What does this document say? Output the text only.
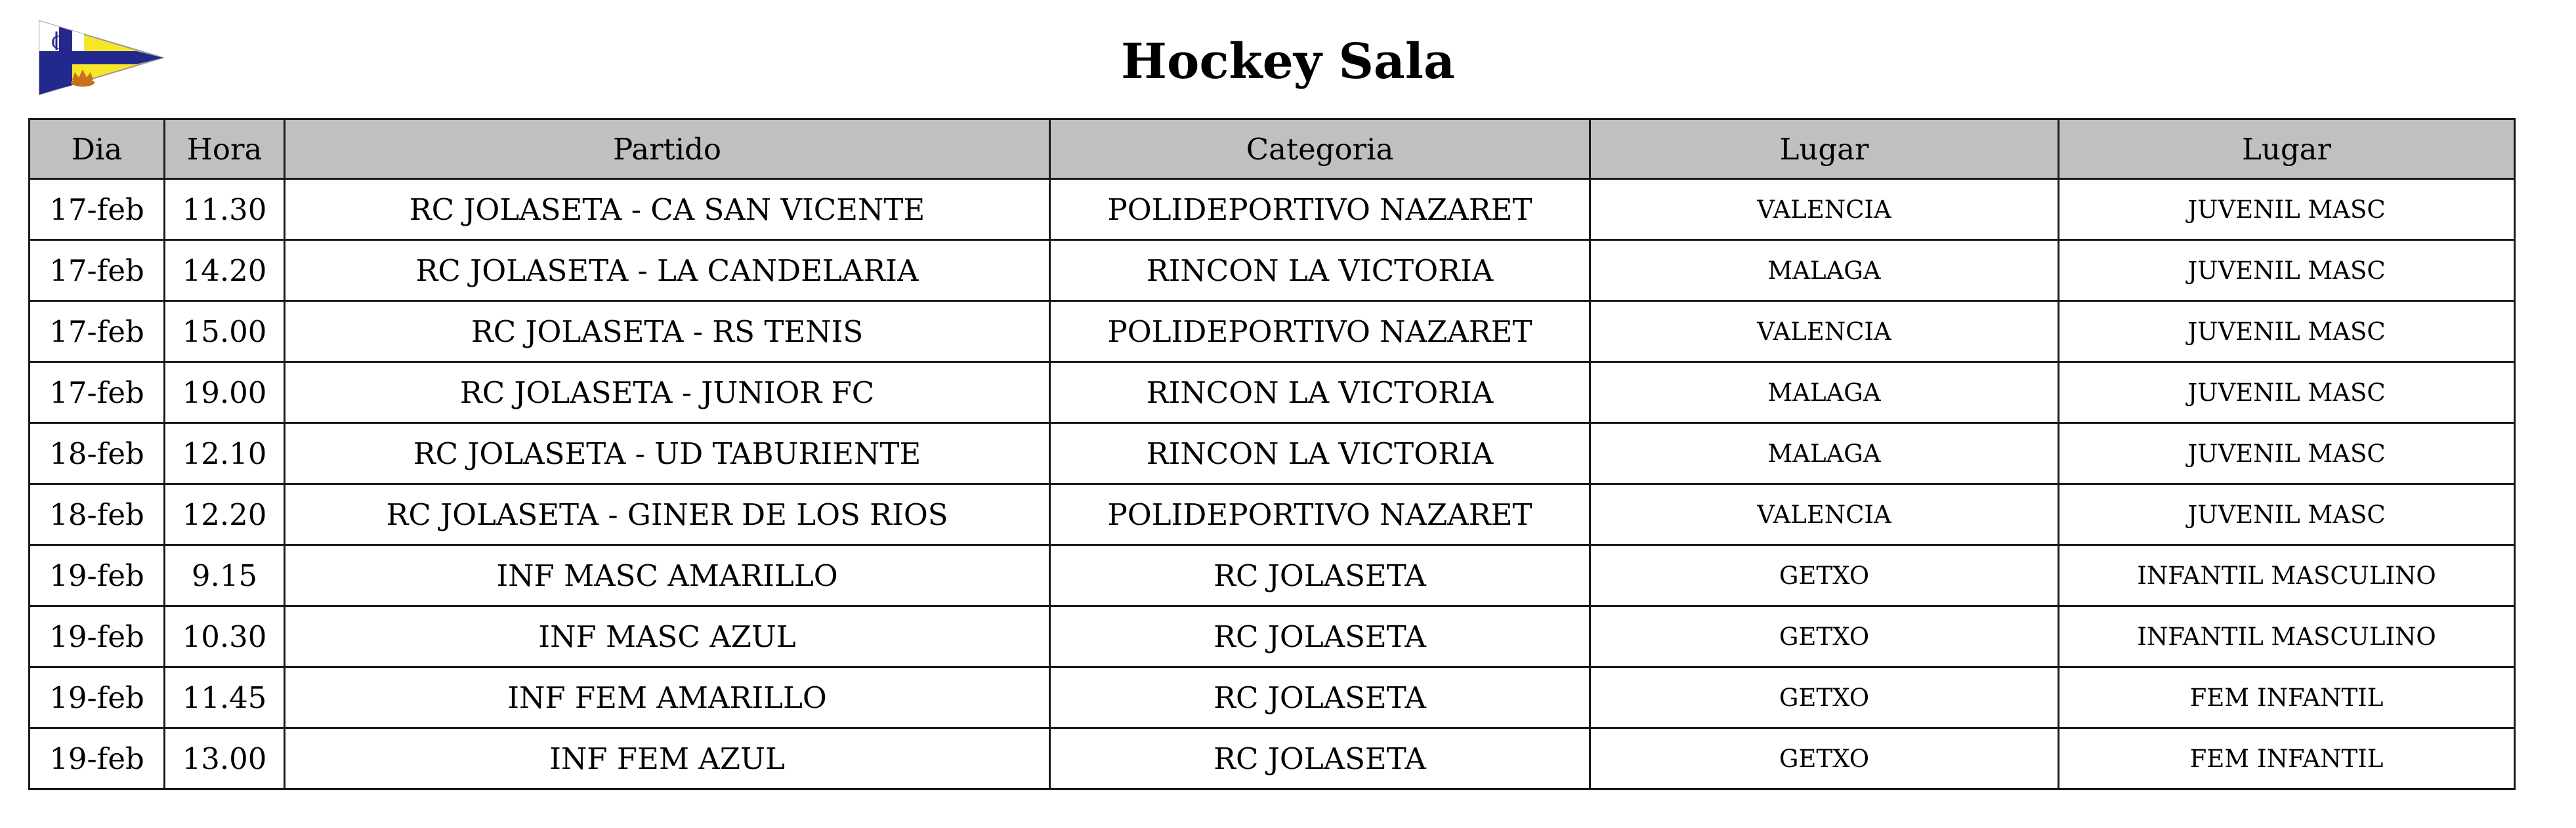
C	Hockey Sala
Dia	Hora	Partido	Categoria	Lugar	Lugar
17-feb	11.30	RC JOLASETA - CA SAN VICENTE	POLIDEPORTIVO NAZARET	VALENCIA	JUVENIL MASC
17-feb	14.20	RC JOLASETA - LA CANDELARIA	RINCON LA VICTORIA	MALAGA	JUVENIL MASC
17-feb	15.00	RC JOLASETA - RS TENIS	POLIDEPORTIVO NAZARET	VALENCIA	JUVENIL MASC
17-feb	19.00	RC JOLASETA - JUNIOR FC	RINCON LA VICTORIA	MALAGA	JUVENIL MASC
18-feb	12.10	RC JOLASETA - UD TABURIENTE	RINCON LA VICTORIA	MALAGA	JUVENIL MASC
18-feb	12.20	RC JOLASETA - GINER DE LOS RIOS	POLIDEPORTIVO NAZARET	VALENCIA	JUVENIL MASC
19-feb	9.15	INF MASC AMARILLO	RC JOLASETA	GETXO	INFANTIL MASCULINO
19-feb	10.30	INF MASC AZUL	RC JOLASETA	GETXO	INFANTIL MASCULINO
19-feb	11.45	INF FEM AMARILLO	RC JOLASETA	GETXO	FEM INFANTIL
19-feb	13.00	INF FEM AZUL	RC JOLASETA	GETXO	FEM INFANTIL
